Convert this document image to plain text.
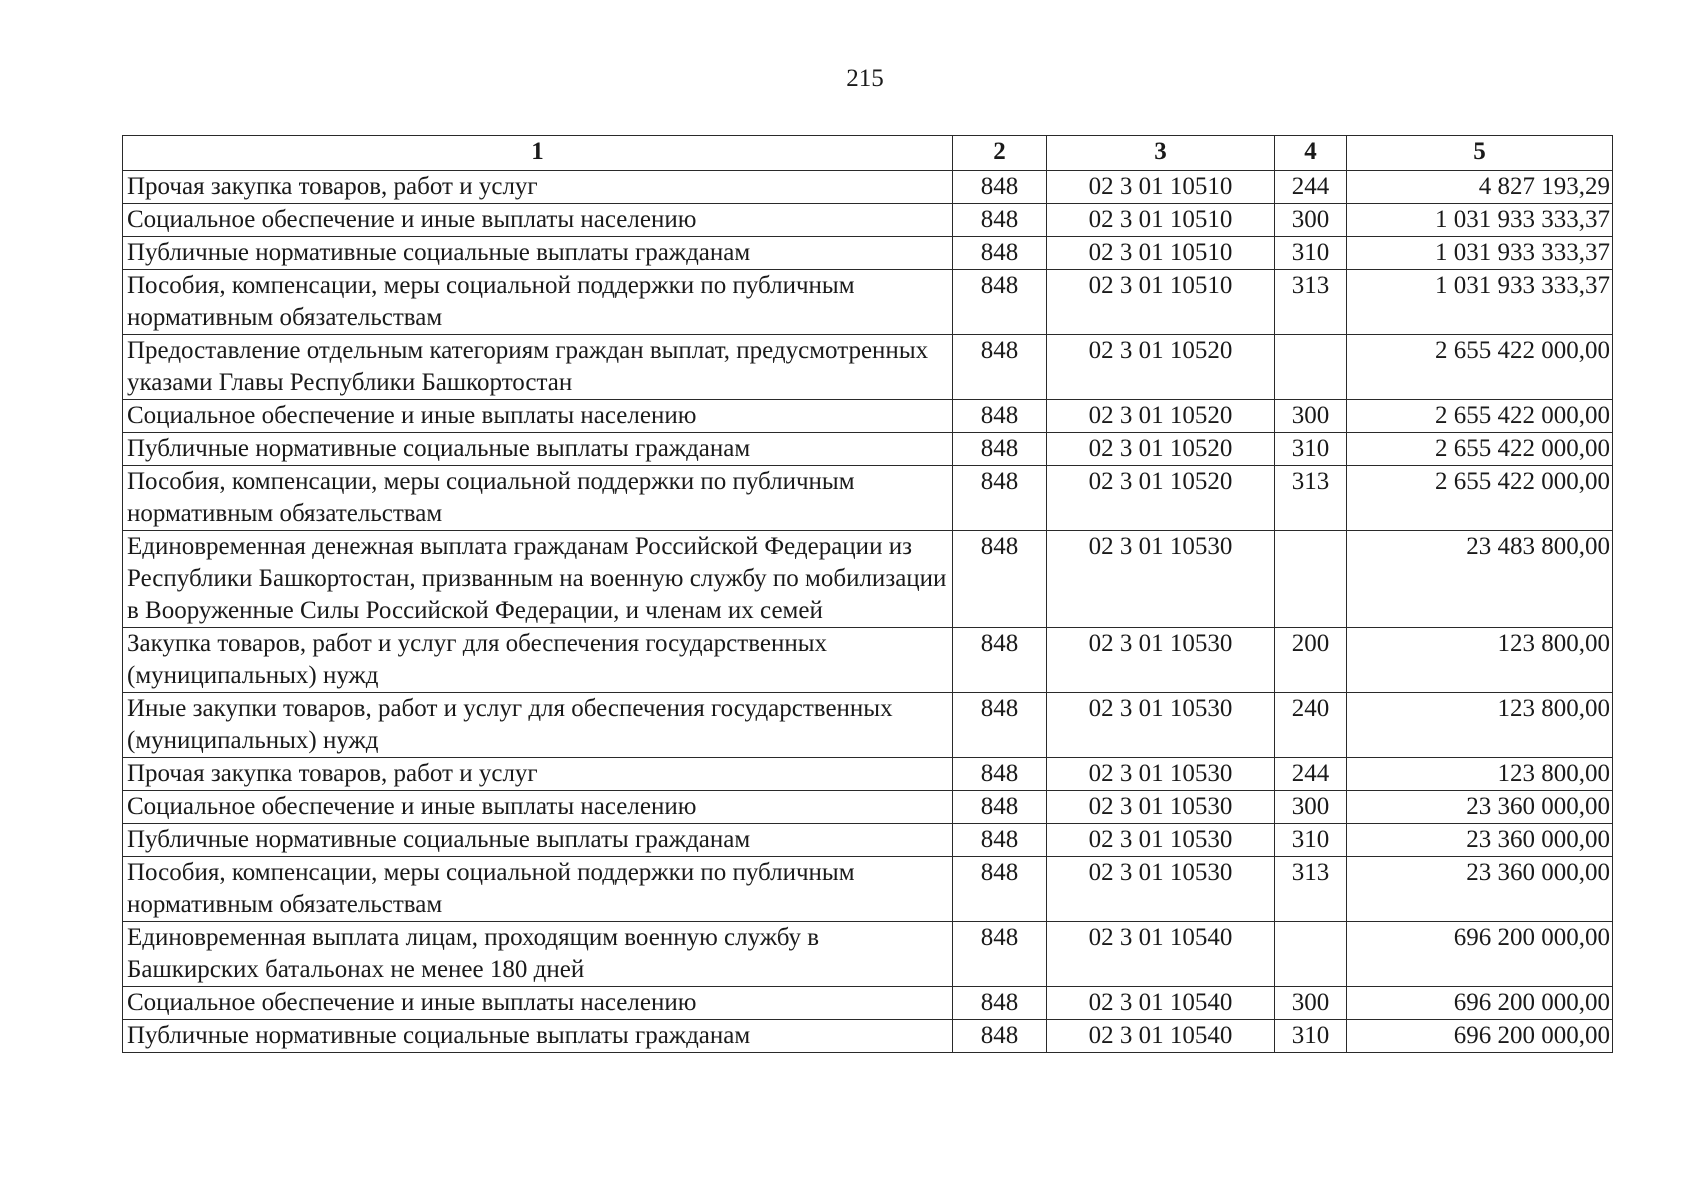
215
1	2	3	4	5
Прочая закупка товаров, работ и услуг	848	02 3 01 10510	244	4 827 193,29
Социальное обеспечение и иные выплаты населению	848	02 3 01 10510	300	1 031 933 333,37
Публичные нормативные социальные выплаты гражданам	848	02 3 01 10510	310	1 031 933 333,37
Пособия, компенсации, меры социальной поддержки по публичным нормативным обязательствам	848	02 3 01 10510	313	1 031 933 333,37
Предоставление отдельным категориям граждан выплат, предусмотренных указами Главы Республики Башкортостан	848	02 3 01 10520		2 655 422 000,00
Социальное обеспечение и иные выплаты населению	848	02 3 01 10520	300	2 655 422 000,00
Публичные нормативные социальные выплаты гражданам	848	02 3 01 10520	310	2 655 422 000,00
Пособия, компенсации, меры социальной поддержки по публичным нормативным обязательствам	848	02 3 01 10520	313	2 655 422 000,00
Единовременная денежная выплата гражданам Российской Федерации из Республики Башкортостан, призванным на военную службу по мобилизации в Вооруженные Силы Российской Федерации, и членам их семей	848	02 3 01 10530		23 483 800,00
Закупка товаров, работ и услуг для обеспечения государственных (муниципальных) нужд	848	02 3 01 10530	200	123 800,00
Иные закупки товаров, работ и услуг для обеспечения государственных (муниципальных) нужд	848	02 3 01 10530	240	123 800,00
Прочая закупка товаров, работ и услуг	848	02 3 01 10530	244	123 800,00
Социальное обеспечение и иные выплаты населению	848	02 3 01 10530	300	23 360 000,00
Публичные нормативные социальные выплаты гражданам	848	02 3 01 10530	310	23 360 000,00
Пособия, компенсации, меры социальной поддержки по публичным нормативным обязательствам	848	02 3 01 10530	313	23 360 000,00
Единовременная выплата лицам, проходящим военную службу в Башкирских батальонах не менее 180 дней	848	02 3 01 10540		696 200 000,00
Социальное обеспечение и иные выплаты населению	848	02 3 01 10540	300	696 200 000,00
Публичные нормативные социальные выплаты гражданам	848	02 3 01 10540	310	696 200 000,00
